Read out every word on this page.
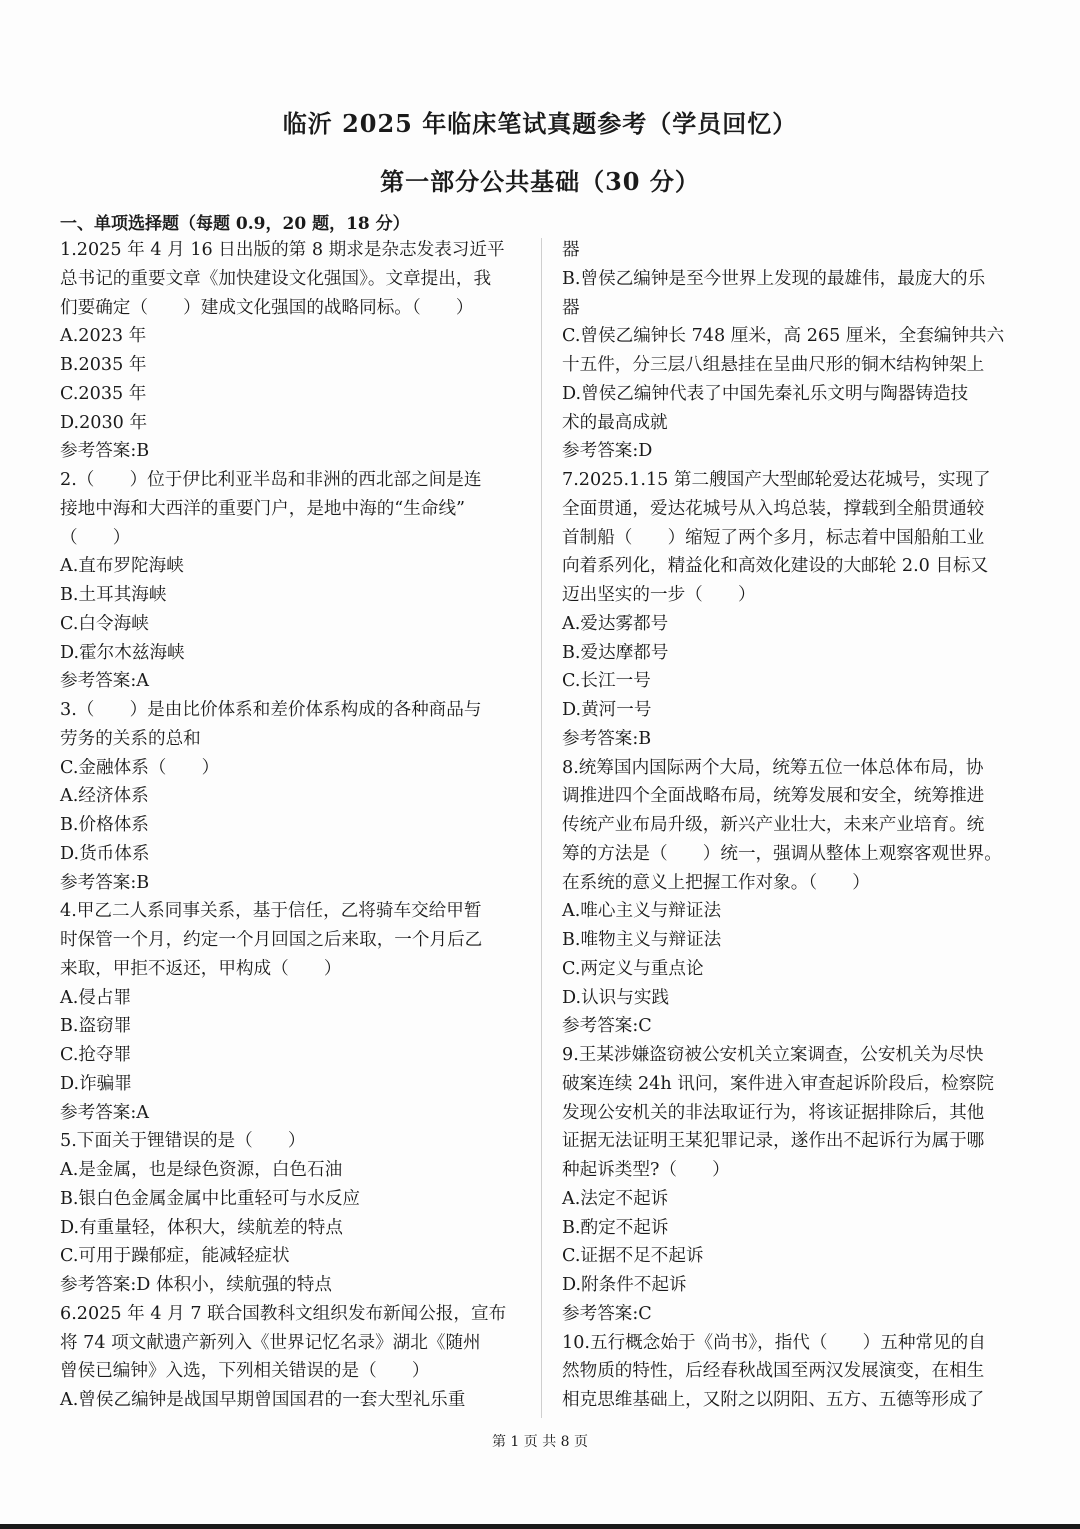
临沂 2025 年临床笔试真题参考（学员回忆）
第一部分公共基础（30 分）
一、单项选择题（每题 0.9，20 题，18 分）

1.2025 年 4 月 16 日出版的第 8 期求是杂志发表习近平

总书记的重要文章《加快建设文化强国》。文章提出，我

们要确定（　　）建成文化强国的战略同标。（　　）

A.2023 年

B.2035 年

C.2035 年

D.2030 年

参考答案:B

2.（　　）位于伊比利亚半岛和非洲的西北部之间是连

接地中海和大西洋的重要门户，是地中海的“生命线”

（　　）

A.直布罗陀海峡

B.土耳其海峡

C.白令海峡

D.霍尔木兹海峡

参考答案:A

3.（　　）是由比价体系和差价体系构成的各种商品与

劳务的关系的总和

C.金融体系（　　）

A.经济体系

B.价格体系

D.货币体系

参考答案:B

4.甲乙二人系同事关系，基于信任，乙将骑车交给甲暂

时保管一个月，约定一个月回国之后来取，一个月后乙

来取，甲拒不返还，甲构成（　　）

A.侵占罪

B.盗窃罪

C.抢夺罪

D.诈骗罪

参考答案:A

5.下面关于锂错误的是（　　）

A.是金属，也是绿色资源，白色石油

B.银白色金属金属中比重轻可与水反应

D.有重量轻，体积大，续航差的特点

C.可用于躁郁症，能减轻症状

参考答案:D 体积小，续航强的特点

6.2025 年 4 月 7 联合国教科文组织发布新闻公报，宣布

将 74 项文献遗产新列入《世界记忆名录》湖北《随州

曾侯已编钟》入选，下列相关错误的是（　　）

A.曾侯乙编钟是战国早期曾国国君的一套大型礼乐重

器

B.曾侯乙编钟是至今世界上发现的最雄伟，最庞大的乐

器

C.曾侯乙编钟长 748 厘米，高 265 厘米，全套编钟共六

十五件，分三层八组悬挂在呈曲尺形的铜木结构钟架上

D.曾侯乙编钟代表了中国先秦礼乐文明与陶器铸造技

术的最高成就

参考答案:D

7.2025.1.15 第二艘国产大型邮轮爱达花城号，实现了

全面贯通，爱达花城号从入坞总装，撑载到全船贯通较

首制船（　　）缩短了两个多月，标志着中国船舶工业

向着系列化，精益化和高效化建设的大邮轮 2.0 目标又

迈出坚实的一步（　　）

A.爱达雾都号

B.爱达摩都号

C.长江一号

D.黄河一号

参考答案:B

8.统筹国内国际两个大局，统筹五位一体总体布局，协

调推进四个全面战略布局，统筹发展和安全，统筹推进

传统产业布局升级，新兴产业壮大，未来产业培育。统

筹的方法是（　　）统一，强调从整体上观察客观世界。

在系统的意义上把握工作对象。（　　）

A.唯心主义与辩证法

B.唯物主义与辩证法

C.两定义与重点论

D.认识与实践

参考答案:C

9.王某涉嫌盗窃被公安机关立案调查，公安机关为尽快

破案连续 24h 讯问，案件进入审查起诉阶段后，检察院

发现公安机关的非法取证行为，将该证据排除后，其他

证据无法证明王某犯罪记录，遂作出不起诉行为属于哪

种起诉类型?（　　）

A.法定不起诉

B.酌定不起诉

C.证据不足不起诉

D.附条件不起诉

参考答案:C

10.五行概念始于《尚书》，指代（　　）五种常见的自

然物质的特性，后经春秋战国至两汉发展演变，在相生

相克思维基础上，又附之以阴阳、五方、五德等形成了

第 1 页 共 8 页
